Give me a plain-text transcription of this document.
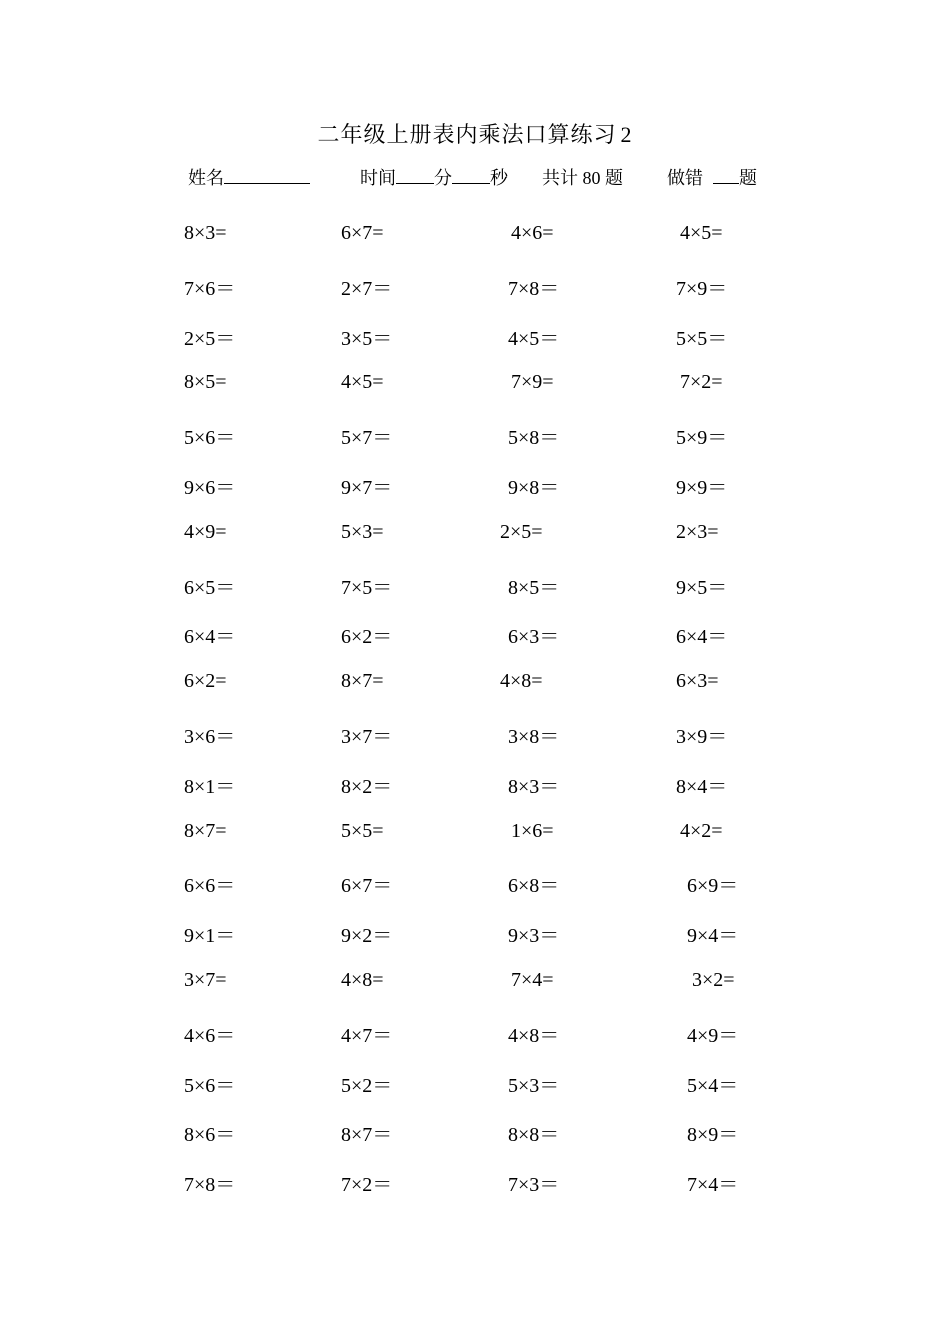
二年级上册表内乘法口算练习 2
姓名	时间 分 秒 共计 80 题 做错 题
8×3=	6×7=	4×6=	4×5=
7×6＝	2×7＝	7×8＝	7×9＝
2×5＝	3×5＝	4×5＝	5×5＝
8×5=	4×5=	7×9=	7×2=
5×6＝	5×7＝	5×8＝	5×9＝
9×6＝	9×7＝	9×8＝	9×9＝
4×9=	5×3=	2×5=	2×3=
6×5＝	7×5＝	8×5＝	9×5＝
6×4＝	6×2＝	6×3＝	6×4＝
6×2=	8×7=	4×8=	6×3=
3×6＝	3×7＝	3×8＝	3×9＝
8×1＝	8×2＝	8×3＝	8×4＝
8×7=	5×5=	1×6=	4×2=
6×6＝	6×7＝	6×8＝	6×9＝
9×1＝	9×2＝	9×3＝	9×4＝
3×7=	4×8=	7×4=	3×2=
4×6＝	4×7＝	4×8＝	4×9＝
5×6＝	5×2＝	5×3＝	5×4＝
8×6＝	8×7＝	8×8＝	8×9＝
7×8＝	7×2＝	7×3＝	7×4＝
